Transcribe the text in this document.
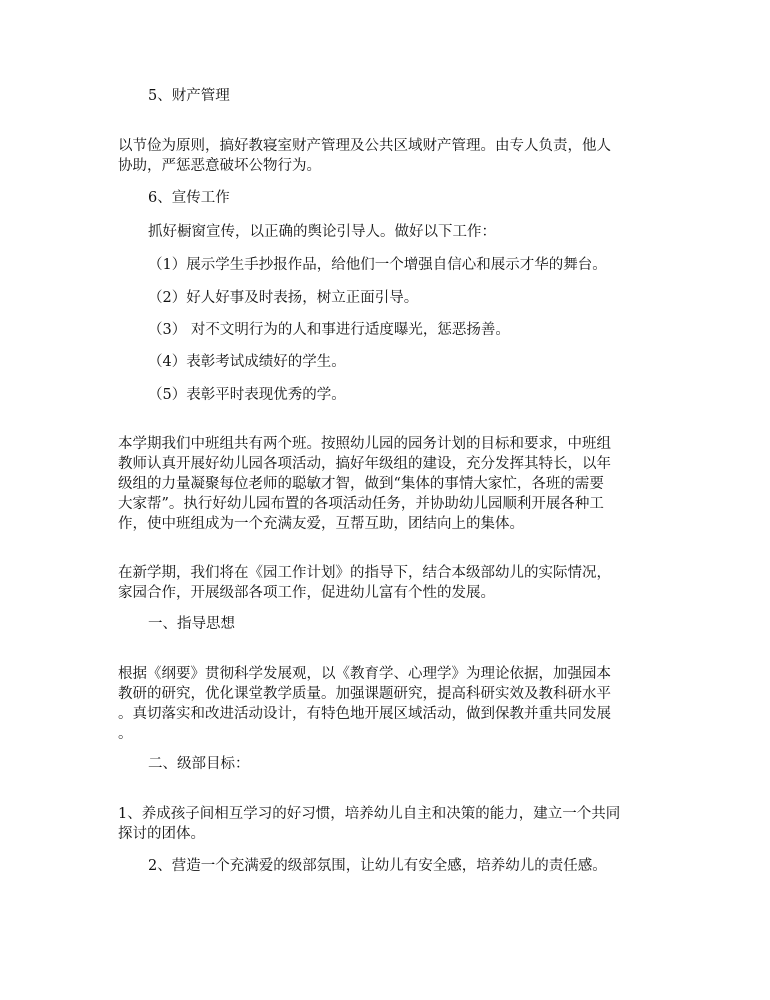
5、财产管理
以节俭为原则，搞好教寝室财产管理及公共区域财产管理。由专人负责，他人
协助，严惩恶意破坏公物行为。
6、宣传工作
抓好橱窗宣传，以正确的舆论引导人。做好以下工作：
（1）展示学生手抄报作品，给他们一个增强自信心和展示才华的舞台。
（2）好人好事及时表扬，树立正面引导。
（3） 对不文明行为的人和事进行适度曝光，惩恶扬善。
（4）表彰考试成绩好的学生。
（5）表彰平时表现优秀的学。
本学期我们中班组共有两个班。按照幼儿园的园务计划的目标和要求，中班组
教师认真开展好幼儿园各项活动，搞好年级组的建设，充分发挥其特长，以年
级组的力量凝聚每位老师的聪敏才智，做到“集体的事情大家忙，各班的需要
大家帮”。执行好幼儿园布置的各项活动任务，并协助幼儿园顺利开展各种工
作，使中班组成为一个充满友爱，互帮互助，团结向上的集体。
在新学期，我们将在《园工作计划》的指导下，结合本级部幼儿的实际情况，
家园合作，开展级部各项工作，促进幼儿富有个性的发展。
一、指导思想
根据《纲要》贯彻科学发展观，以《教育学、心理学》为理论依据，加强园本
教研的研究，优化课堂教学质量。加强课题研究，提高科研实效及教科研水平
。真切落实和改进活动设计，有特色地开展区域活动，做到保教并重共同发展
。
二、级部目标：
1、养成孩子间相互学习的好习惯，培养幼儿自主和决策的能力，建立一个共同
探讨的团体。
2、营造一个充满爱的级部氛围，让幼儿有安全感，培养幼儿的责任感。
